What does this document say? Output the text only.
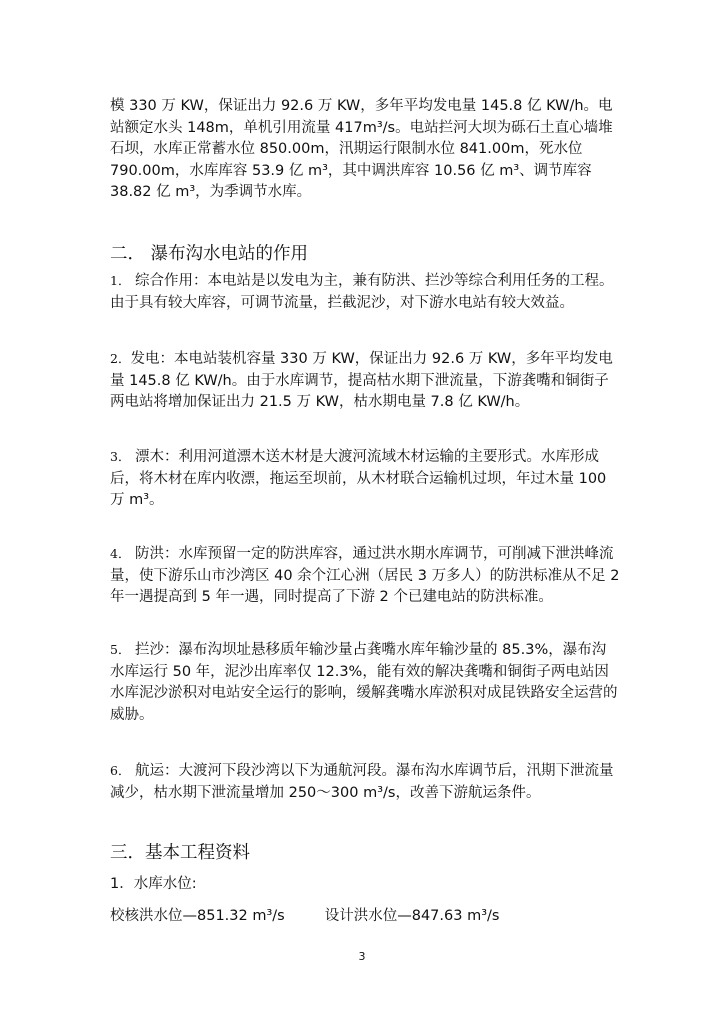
模 330 万 KW，保证出力 92.6 万 KW，多年平均发电量 145.8 亿 KW/h。电站额定水头 148m，单机引用流量 417m³/s。电站拦河大坝为砾石土直心墙堆石坝，水库正常蓄水位 850.00m，汛期运行限制水位 841.00m，死水位 790.00m，水库库容 53.9 亿 m³，其中调洪库容 10.56 亿 m³、调节库容 38.82 亿 m³，为季调节水库。
二． 瀑布沟水电站的作用
1． 综合作用：本电站是以发电为主，兼有防洪、拦沙等综合利用任务的工程。由于具有较大库容，可调节流量，拦截泥沙，对下游水电站有较大效益。
2．发电：本电站装机容量 330 万 KW，保证出力 92.6 万 KW，多年平均发电量 145.8 亿 KW/h。由于水库调节，提高枯水期下泄流量，下游龚嘴和铜街子两电站将增加保证出力 21.5 万 KW，枯水期电量 7.8 亿 KW/h。
3． 漂木：利用河道漂木送木材是大渡河流域木材运输的主要形式。水库形成后，将木材在库内收漂，拖运至坝前，从木材联合运输机过坝，年过木量 100 万 m³。
4． 防洪：水库预留一定的防洪库容，通过洪水期水库调节，可削减下泄洪峰流量，使下游乐山市沙湾区 40 余个江心洲（居民 3 万多人）的防洪标准从不足 2 年一遇提高到 5 年一遇，同时提高了下游 2 个已建电站的防洪标准。
5． 拦沙：瀑布沟坝址悬移质年输沙量占龚嘴水库年输沙量的 85.3%，瀑布沟水库运行 50 年，泥沙出库率仅 12.3%，能有效的解决龚嘴和铜街子两电站因水库泥沙淤积对电站安全运行的影响，缓解龚嘴水库淤积对成昆铁路安全运营的威胁。
6． 航运：大渡河下段沙湾以下为通航河段。瀑布沟水库调节后，汛期下泄流量减少，枯水期下泄流量增加 250～300 m³/s，改善下游航运条件。
三．基本工程资料
1．水库水位:
校核洪水位—851.32 m³/s	设计洪水位—847.63 m³/s
3
